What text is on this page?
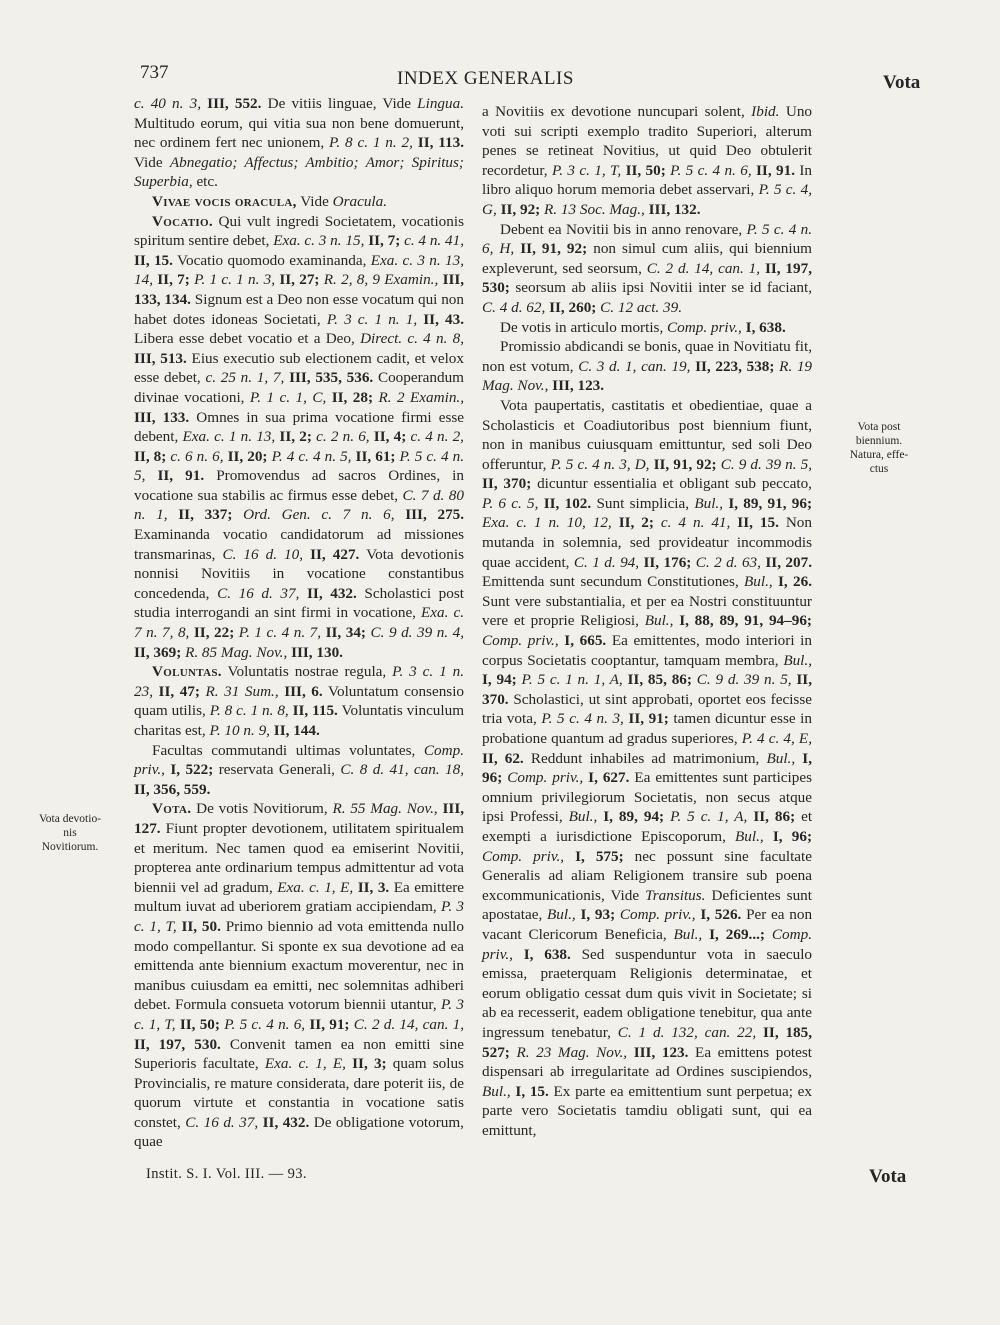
737	INDEX GENERALIS	Vota
Vota devotio-
nis
Novitiorum.
Vota post
biennium.
Natura, effe-
ctus

c. 40 n. 3, III, 552. De vitiis linguae, Vide Lingua. Multitudo eorum, qui vitia sua non bene domuerunt, nec ordinem fert nec unionem, P. 8 c. 1 n. 2, II, 113. Vide Abnegatio; Affectus; Ambitio; Amor; Spiritus; Superbia, etc.

Vivae vocis oracula, Vide Oracula.

Vocatio. Qui vult ingredi Societatem, vocationis spiritum sentire debet, Exa. c. 3 n. 15, II, 7; c. 4 n. 41, II, 15. Vocatio quomodo examinanda, Exa. c. 3 n. 13, 14, II, 7; P. 1 c. 1 n. 3, II, 27; R. 2, 8, 9 Examin., III, 133, 134. Signum est a Deo non esse vocatum qui non habet dotes idoneas Societati, P. 3 c. 1 n. 1, II, 43. Libera esse debet vocatio et a Deo, Direct. c. 4 n. 8, III, 513. Eius executio sub electionem cadit, et velox esse debet, c. 25 n. 1, 7, III, 535, 536. Cooperandum divinae vocationi, P. 1 c. 1, C, II, 28; R. 2 Examin., III, 133. Omnes in sua prima vocatione firmi esse debent, Exa. c. 1 n. 13, II, 2; c. 2 n. 6, II, 4; c. 4 n. 2, II, 8; c. 6 n. 6, II, 20; P. 4 c. 4 n. 5, II, 61; P. 5 c. 4 n. 5, II, 91. Promovendus ad sacros Ordines, in vocatione sua stabilis ac firmus esse debet, C. 7 d. 80 n. 1, II, 337; Ord. Gen. c. 7 n. 6, III, 275. Examinanda vocatio candidatorum ad missiones transmarinas, C. 16 d. 10, II, 427. Vota devotionis nonnisi Novitiis in vocatione constantibus concedenda, C. 16 d. 37, II, 432. Scholastici post studia interrogandi an sint firmi in vocatione, Exa. c. 7 n. 7, 8, II, 22; P. 1 c. 4 n. 7, II, 34; C. 9 d. 39 n. 4, II, 369; R. 85 Mag. Nov., III, 130.

Voluntas. Voluntatis nostrae regula, P. 3 c. 1 n. 23, II, 47; R. 31 Sum., III, 6. Voluntatum consensio quam utilis, P. 8 c. 1 n. 8, II, 115. Voluntatis vinculum charitas est, P. 10 n. 9, II, 144.

Facultas commutandi ultimas voluntates, Comp. priv., I, 522; reservata Generali, C. 8 d. 41, can. 18, II, 356, 559.

Vota. De votis Novitiorum, R. 55 Mag. Nov., III, 127. Fiunt propter devotionem, utilitatem spiritualem et meritum. Nec tamen quod ea emiserint Novitii, propterea ante ordinarium tempus admittentur ad vota biennii vel ad gradum, Exa. c. 1, E, II, 3. Ea emittere multum iuvat ad uberiorem gratiam accipiendam, P. 3 c. 1, T, II, 50. Primo biennio ad vota emittenda nullo modo compellantur. Si sponte ex sua devotione ad ea emittenda ante biennium exactum moverentur, nec in manibus cuiusdam ea emitti, nec solemnitas adhiberi debet. Formula consueta votorum biennii utantur, P. 3 c. 1, T, II, 50; P. 5 c. 4 n. 6, II, 91; C. 2 d. 14, can. 1, II, 197, 530. Convenit tamen ea non emitti sine Superioris facultate, Exa. c. 1, E, II, 3; quam solus Provincialis, re mature considerata, dare poterit iis, de quorum virtute et constantia in vocatione satis constet, C. 16 d. 37, II, 432. De obligatione votorum, quae

a Novitiis ex devotione nuncupari solent, Ibid. Uno voti sui scripti exemplo tradito Superiori, alterum penes se retineat Novitius, ut quid Deo obtulerit recordetur, P. 3 c. 1, T, II, 50; P. 5 c. 4 n. 6, II, 91. In libro aliquo horum memoria debet asservari, P. 5 c. 4, G, II, 92; R. 13 Soc. Mag., III, 132.

Debent ea Novitii bis in anno renovare, P. 5 c. 4 n. 6, H, II, 91, 92; non simul cum aliis, qui biennium expleverunt, sed seorsum, C. 2 d. 14, can. 1, II, 197, 530; seorsum ab aliis ipsi Novitii inter se id faciant, C. 4 d. 62, II, 260; C. 12 act. 39.

De votis in articulo mortis, Comp. priv., I, 638.

Promissio abdicandi se bonis, quae in Novitiatu fit, non est votum, C. 3 d. 1, can. 19, II, 223, 538; R. 19 Mag. Nov., III, 123.

Vota paupertatis, castitatis et obedientiae, quae a Scholasticis et Coadiutoribus post biennium fiunt, non in manibus cuiusquam emittuntur, sed soli Deo offeruntur, P. 5 c. 4 n. 3, D, II, 91, 92; C. 9 d. 39 n. 5, II, 370; dicuntur essentialia et obligant sub peccato, P. 6 c. 5, II, 102. Sunt simplicia, Bul., I, 89, 91, 96; Exa. c. 1 n. 10, 12, II, 2; c. 4 n. 41, II, 15. Non mutanda in solemnia, sed provideatur incommodis quae accident, C. 1 d. 94, II, 176; C. 2 d. 63, II, 207. Emittenda sunt secundum Constitutiones, Bul., I, 26. Sunt vere substantialia, et per ea Nostri constituuntur vere et proprie Religiosi, Bul., I, 88, 89, 91, 94–96; Comp. priv., I, 665. Ea emittentes, modo interiori in corpus Societatis cooptantur, tamquam membra, Bul., I, 94; P. 5 c. 1 n. 1, A, II, 85, 86; C. 9 d. 39 n. 5, II, 370. Scholastici, ut sint approbati, oportet eos fecisse tria vota, P. 5 c. 4 n. 3, II, 91; tamen dicuntur esse in probatione quantum ad gradus superiores, P. 4 c. 4, E, II, 62. Reddunt inhabiles ad matrimonium, Bul., I, 96; Comp. priv., I, 627. Ea emittentes sunt participes omnium privilegiorum Societatis, non secus atque ipsi Professi, Bul., I, 89, 94; P. 5 c. 1, A, II, 86; et exempti a iurisdictione Episcoporum, Bul., I, 96; Comp. priv., I, 575; nec possunt sine facultate Generalis ad aliam Religionem transire sub poena excommunicationis, Vide Transitus. Deficientes sunt apostatae, Bul., I, 93; Comp. priv., I, 526. Per ea non vacant Clericorum Beneficia, Bul., I, 269...; Comp. priv., I, 638. Sed suspenduntur vota in saeculo emissa, praeterquam Religionis determinatae, et eorum obligatio cessat dum quis vivit in Societate; si ab ea recesserit, eadem obligatione tenebitur, qua ante ingressum tenebatur, C. 1 d. 132, can. 22, II, 185, 527; R. 23 Mag. Nov., III, 123. Ea emittens potest dispensari ab irregularitate ad Ordines suscipiendos, Bul., I, 15. Ex parte ea emittentium sunt perpetua; ex parte vero Societatis tamdiu obligati sunt, qui ea emittunt,

Instit. S. I. Vol. III. — 93.	Vota
